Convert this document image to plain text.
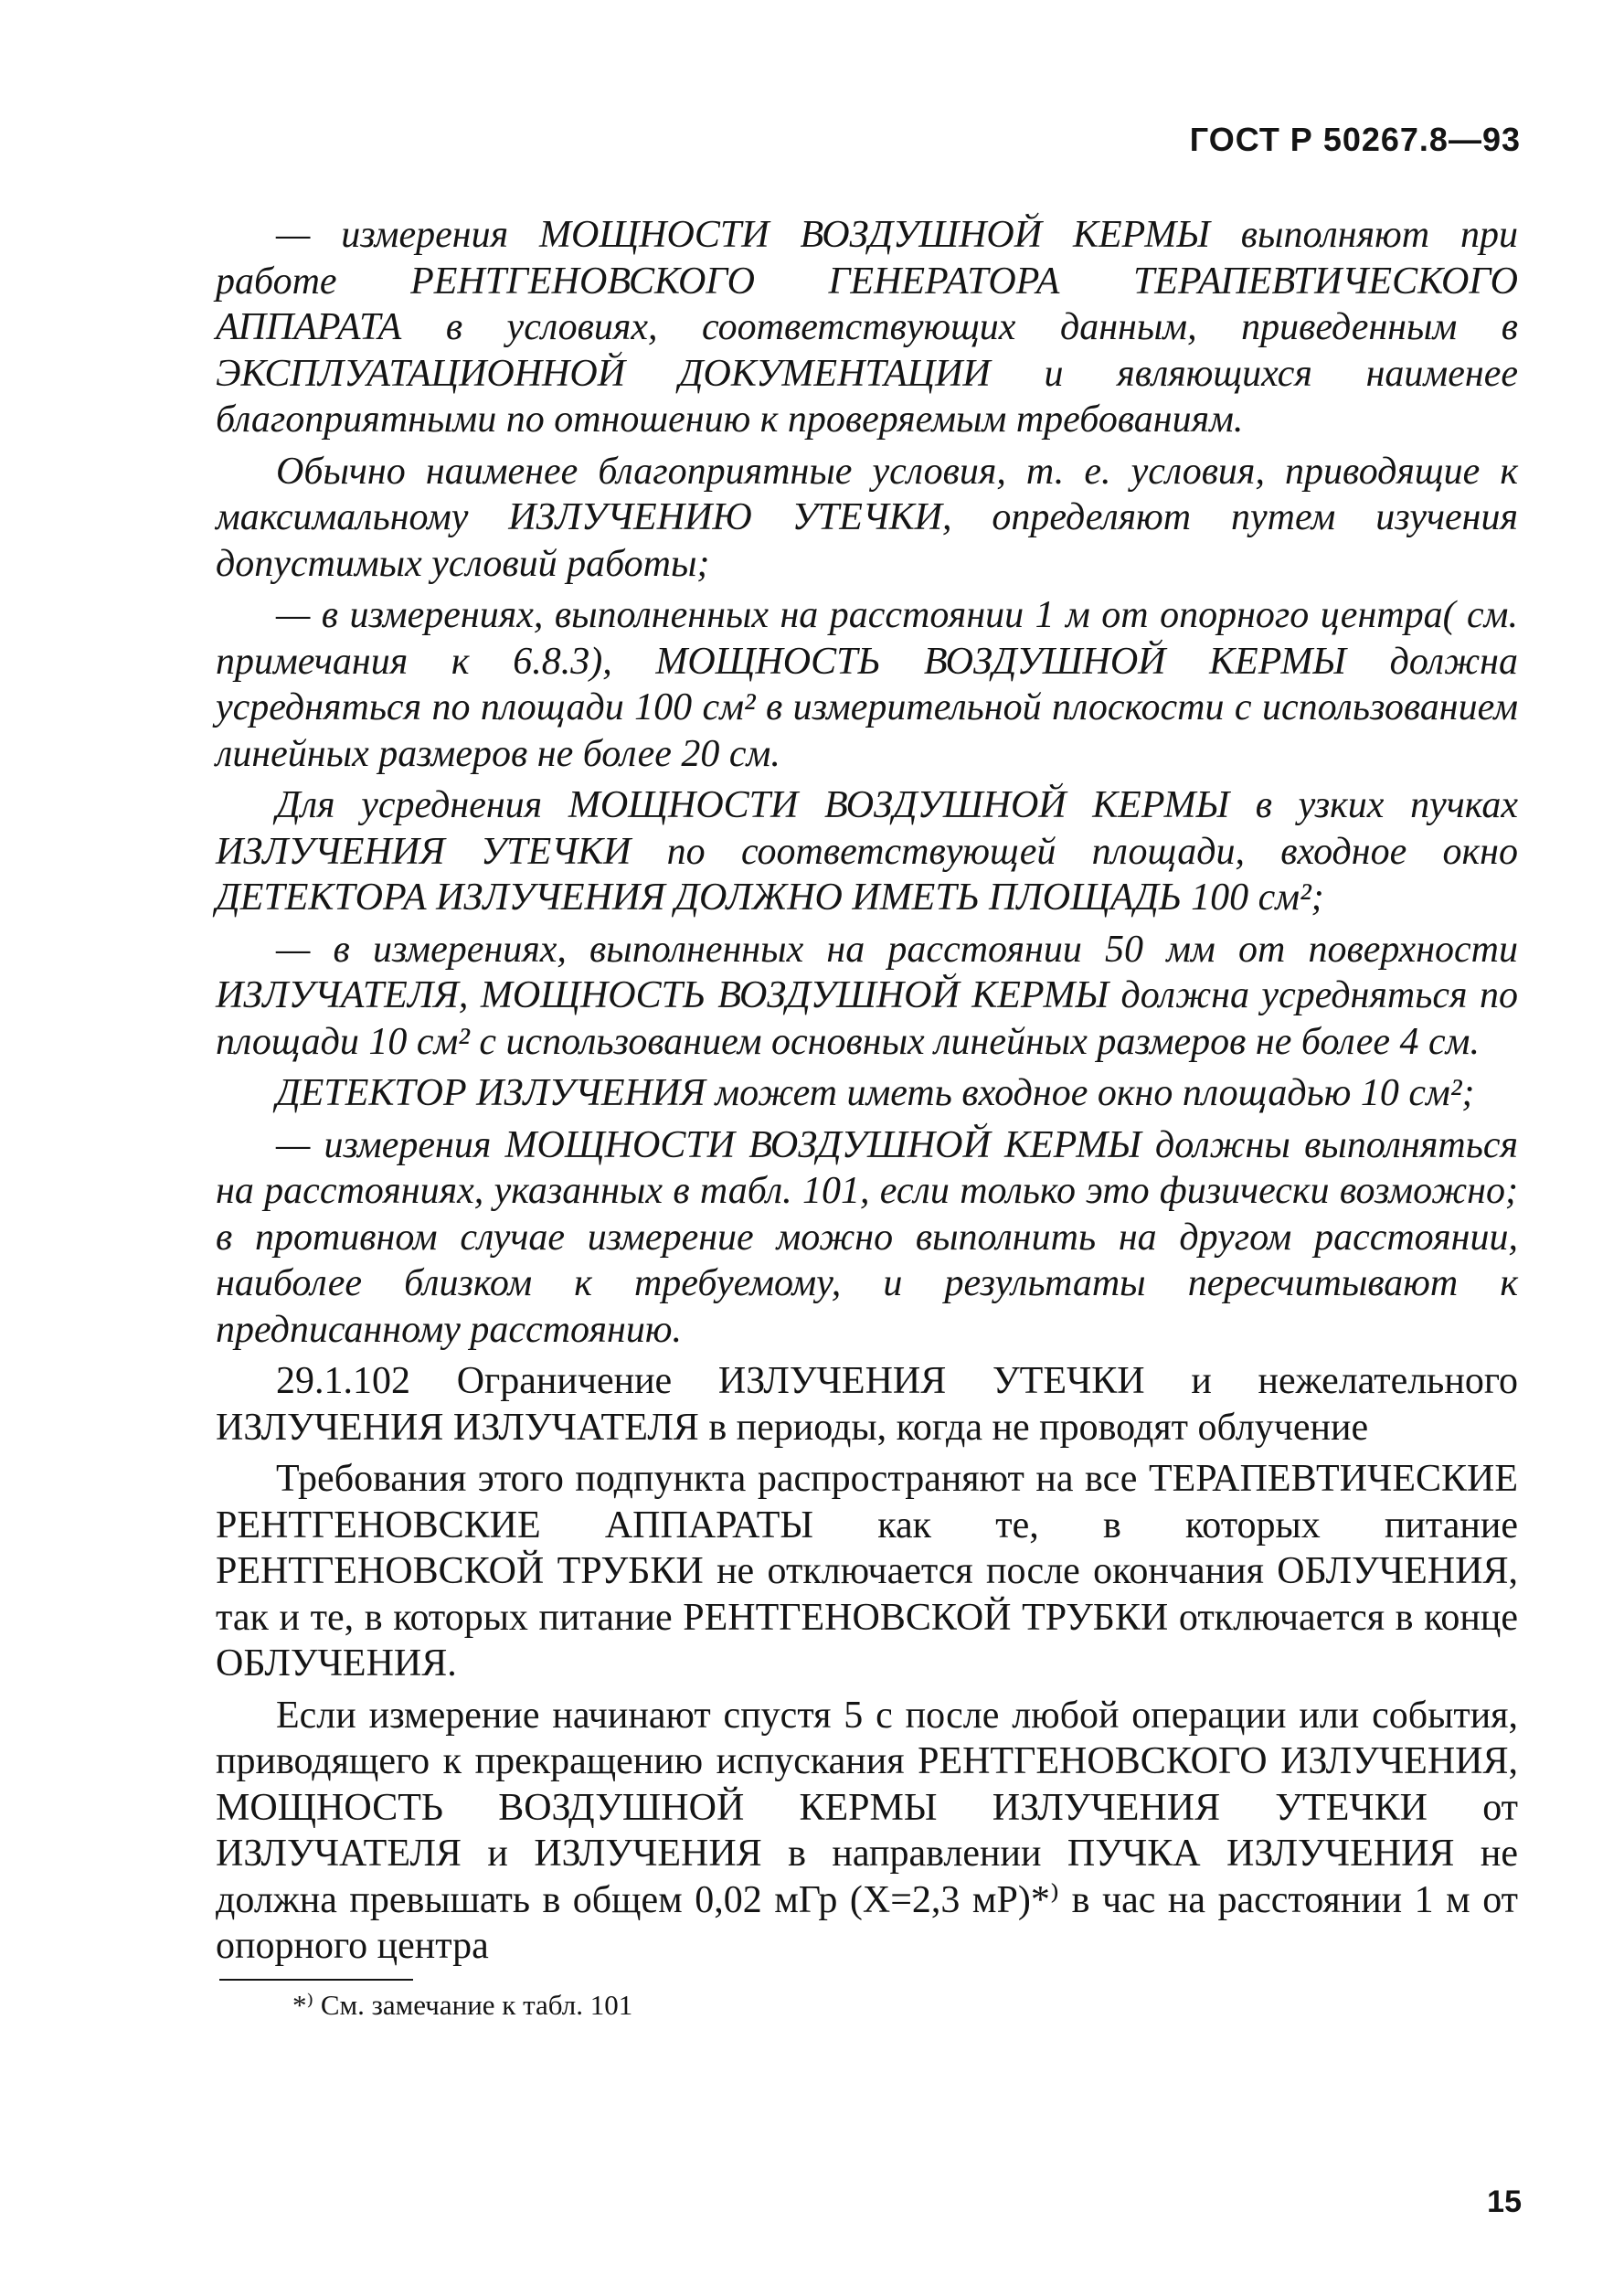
ГОСТ Р 50267.8—93

— измерения МОЩНОСТИ ВОЗДУШНОЙ КЕРМЫ выполняют при работе РЕНТГЕНОВСКОГО ГЕНЕРАТОРА ТЕРАПЕВТИЧЕСКОГО АППАРАТА в условиях, соответствующих данным, приведенным в ЭКСПЛУАТАЦИОННОЙ ДОКУМЕНТАЦИИ и являющихся наименее благоприятными по отношению к проверяемым требованиям.

Обычно наименее благоприятные условия, т. е. условия, приводящие к максимальному ИЗЛУЧЕНИЮ УТЕЧКИ, определяют путем изучения допустимых условий работы;

— в измерениях, выполненных на расстоянии 1 м от опорного центра( см. примечания к 6.8.3), МОЩНОСТЬ ВОЗДУШНОЙ КЕРМЫ должна усредняться по площади 100 см² в измерительной плоскости с использованием линейных размеров не более 20 см.

Для усреднения МОЩНОСТИ ВОЗДУШНОЙ КЕРМЫ в узких пучках ИЗЛУЧЕНИЯ УТЕЧКИ по соответствующей площади, входное окно ДЕТЕКТОРА ИЗЛУЧЕНИЯ ДОЛЖНО ИМЕТЬ ПЛОЩАДЬ 100 см²;

— в измерениях, выполненных на расстоянии 50 мм от поверхности ИЗЛУЧАТЕЛЯ, МОЩНОСТЬ ВОЗДУШНОЙ КЕРМЫ должна усредняться по площади 10 см² с использованием основных линейных размеров не более 4 см.

ДЕТЕКТОР ИЗЛУЧЕНИЯ может иметь входное окно площадью 10 см²;

— измерения МОЩНОСТИ ВОЗДУШНОЙ КЕРМЫ должны выполняться на расстояниях, указанных в табл. 101, если только это физически возможно; в противном случае измерение можно выполнить на другом расстоянии, наиболее близком к требуемому, и результаты пересчитывают к предписанному расстоянию.

29.1.102 Ограничение ИЗЛУЧЕНИЯ УТЕЧКИ и нежелательного ИЗЛУЧЕНИЯ ИЗЛУЧАТЕЛЯ в периоды, когда не проводят облучение

Требования этого подпункта распространяют на все ТЕРАПЕВТИЧЕСКИЕ РЕНТГЕНОВСКИЕ АППАРАТЫ как те, в которых питание РЕНТГЕНОВСКОЙ ТРУБКИ не отключается после окончания ОБЛУЧЕНИЯ, так и те, в которых питание РЕНТГЕНОВСКОЙ ТРУБКИ отключается в конце ОБЛУЧЕНИЯ.

Если измерение начинают спустя 5 с после любой операции или события, приводящего к прекращению испускания РЕНТГЕНОВСКОГО ИЗЛУЧЕНИЯ, МОЩНОСТЬ ВОЗДУШНОЙ КЕРМЫ ИЗЛУЧЕНИЯ УТЕЧКИ от ИЗЛУЧАТЕЛЯ и ИЗЛУЧЕНИЯ в направлении ПУЧКА ИЗЛУЧЕНИЯ не должна превышать в общем 0,02 мГр (Х=2,3 мР)*⁾ в час на расстоянии 1 м от опорного центра

*⁾ См. замечание к табл. 101
15
